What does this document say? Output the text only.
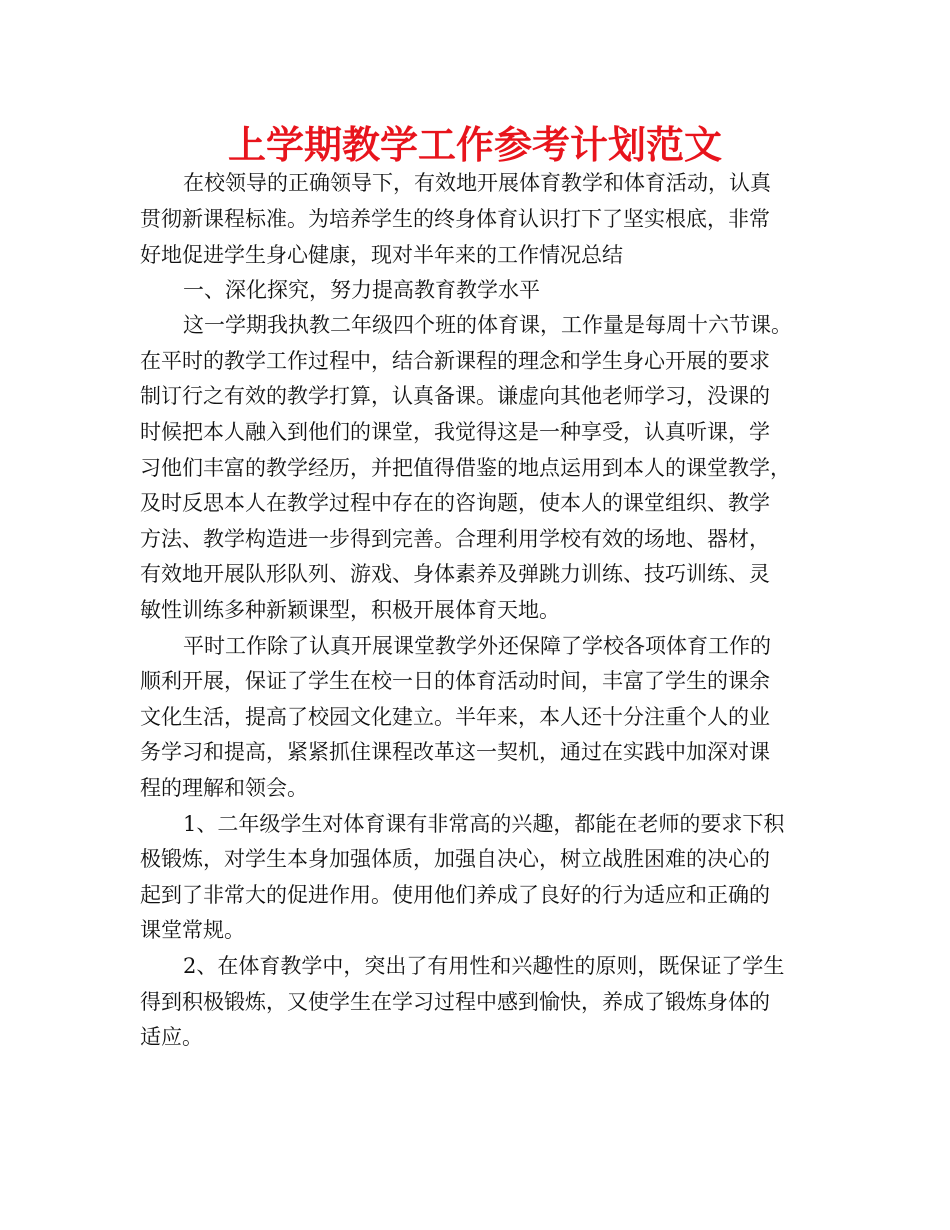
上学期教学工作参考计划范文

在校领导的正确领导下，有效地开展体育教学和体育活动，认真

贯彻新课程标准。为培养学生的终身体育认识打下了坚实根底，非常

好地促进学生身心健康，现对半年来的工作情况总结

一、深化探究，努力提高教育教学水平

这一学期我执教二年级四个班的体育课，工作量是每周十六节课。

在平时的教学工作过程中，结合新课程的理念和学生身心开展的要求

制订行之有效的教学打算，认真备课。谦虚向其他老师学习，没课的

时候把本人融入到他们的课堂，我觉得这是一种享受，认真听课，学

习他们丰富的教学经历，并把值得借鉴的地点运用到本人的课堂教学，

及时反思本人在教学过程中存在的咨询题，使本人的课堂组织、教学

方法、教学构造进一步得到完善。合理利用学校有效的场地、器材，

有效地开展队形队列、游戏、身体素养及弹跳力训练、技巧训练、灵

敏性训练多种新颖课型，积极开展体育天地。

平时工作除了认真开展课堂教学外还保障了学校各项体育工作的

顺利开展，保证了学生在校一日的体育活动时间，丰富了学生的课余

文化生活，提高了校园文化建立。半年来，本人还十分注重个人的业

务学习和提高，紧紧抓住课程改革这一契机，通过在实践中加深对课

程的理解和领会。

1、二年级学生对体育课有非常高的兴趣，都能在老师的要求下积

极锻炼，对学生本身加强体质，加强自决心，树立战胜困难的决心的

起到了非常大的促进作用。使用他们养成了良好的行为适应和正确的

课堂常规。

2、在体育教学中，突出了有用性和兴趣性的原则，既保证了学生

得到积极锻炼，又使学生在学习过程中感到愉快，养成了锻炼身体的

适应。
